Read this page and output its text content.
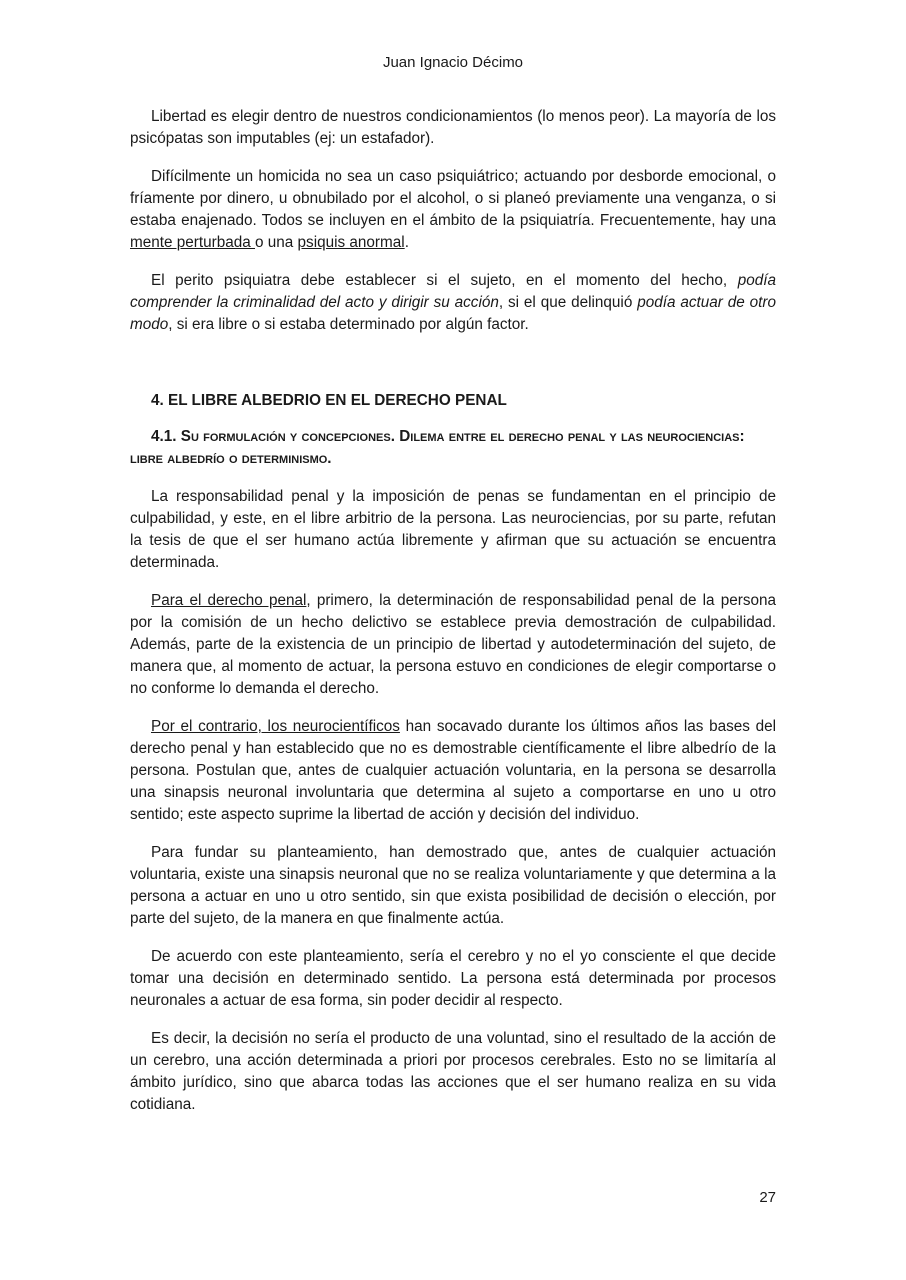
Juan Ignacio Décimo

Libertad es elegir dentro de nuestros condicionamientos (lo menos peor). La mayoría de los psicópatas son imputables (ej: un estafador).

Difícilmente un homicida no sea un caso psiquiátrico; actuando por desborde emocional, o fríamente por dinero, u obnubilado por el alcohol, o si planeó previamente una venganza, o si estaba enajenado. Todos se incluyen en el ámbito de la psiquiatría. Frecuentemente, hay una mente perturbada o una psiquis anormal.

El perito psiquiatra debe establecer si el sujeto, en el momento del hecho, podía comprender la criminalidad del acto y dirigir su acción, si el que delinquió podía actuar de otro modo, si era libre o si estaba determinado por algún factor.

4. EL LIBRE ALBEDRIO EN EL DERECHO PENAL
4.1. Su formulación y concepciones. Dilema entre el derecho penal y las neurociencias: libre albedrío o determinismo.

La responsabilidad penal y la imposición de penas se fundamentan en el principio de culpabilidad, y este, en el libre arbitrio de la persona. Las neurociencias, por su parte, refutan la tesis de que el ser humano actúa libremente y afirman que su actuación se encuentra determinada.

Para el derecho penal, primero, la determinación de responsabilidad penal de la persona por la comisión de un hecho delictivo se establece previa demostración de culpabilidad. Además, parte de la existencia de un principio de libertad y autodeterminación del sujeto, de manera que, al momento de actuar, la persona estuvo en condiciones de elegir comportarse o no conforme lo demanda el derecho.

Por el contrario, los neurocientíficos han socavado durante los últimos años las bases del derecho penal y han establecido que no es demostrable científicamente el libre albedrío de la persona. Postulan que, antes de cualquier actuación voluntaria, en la persona se desarrolla una sinapsis neuronal involuntaria que determina al sujeto a comportarse en uno u otro sentido; este aspecto suprime la libertad de acción y decisión del individuo.

Para fundar su planteamiento, han demostrado que, antes de cualquier actuación voluntaria, existe una sinapsis neuronal que no se realiza voluntariamente y que determina a la persona a actuar en uno u otro sentido, sin que exista posibilidad de decisión o elección, por parte del sujeto, de la manera en que finalmente actúa.

De acuerdo con este planteamiento, sería el cerebro y no el yo consciente el que decide tomar una decisión en determinado sentido. La persona está determinada por procesos neuronales a actuar de esa forma, sin poder decidir al respecto.

Es decir, la decisión no sería el producto de una voluntad, sino el resultado de la acción de un cerebro, una acción determinada a priori por procesos cerebrales. Esto no se limitaría al ámbito jurídico, sino que abarca todas las acciones que el ser humano realiza en su vida cotidiana.

27
